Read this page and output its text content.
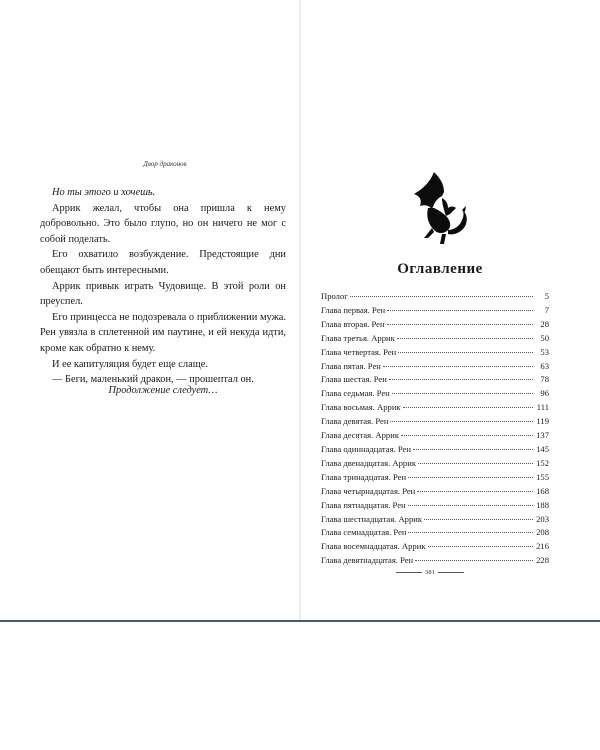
Двор драконов

Но ты этого и хочешь.

Аррик желал, чтобы она пришла к нему добровольно. Это было глупо, но он ничего не мог с собой поделать.

Его охватило возбуждение. Предстоящие дни обещают быть интересными.

Аррик привык играть Чудовище. В этой роли он преуспел.

Его принцесса не подозревала о приближении мужа. Рен увязла в сплетенной им паутине, и ей некуда идти, кроме как обратно к нему.

И ее капитуляция будет еще слаще.

— Беги, маленький дракон, — прошептал он.

Продолжение следует…
Оглавление
Пролог	5
Глава первая. Рен	7
Глава вторая. Рен	28
Глава третья. Аррик	50
Глава четвертая. Рен	53
Глава пятая. Рен	63
Глава шестая. Рен	78
Глава седьмая. Рен	96
Глава восьмая. Аррик	111
Глава девятая. Рен	119
Глава десятая. Аррик	137
Глава одиннадцатая. Рен	145
Глава двенадцатая. Аррик	152
Глава тринадцатая. Рен	155
Глава четырнадцатая. Рен	168
Глава пятнадцатая. Рен	188
Глава шестнадцатая. Аррик	203
Глава семнадцатая. Рен	208
Глава восемнадцатая. Аррик	216
Глава девятнадцатая. Рен	228
381
